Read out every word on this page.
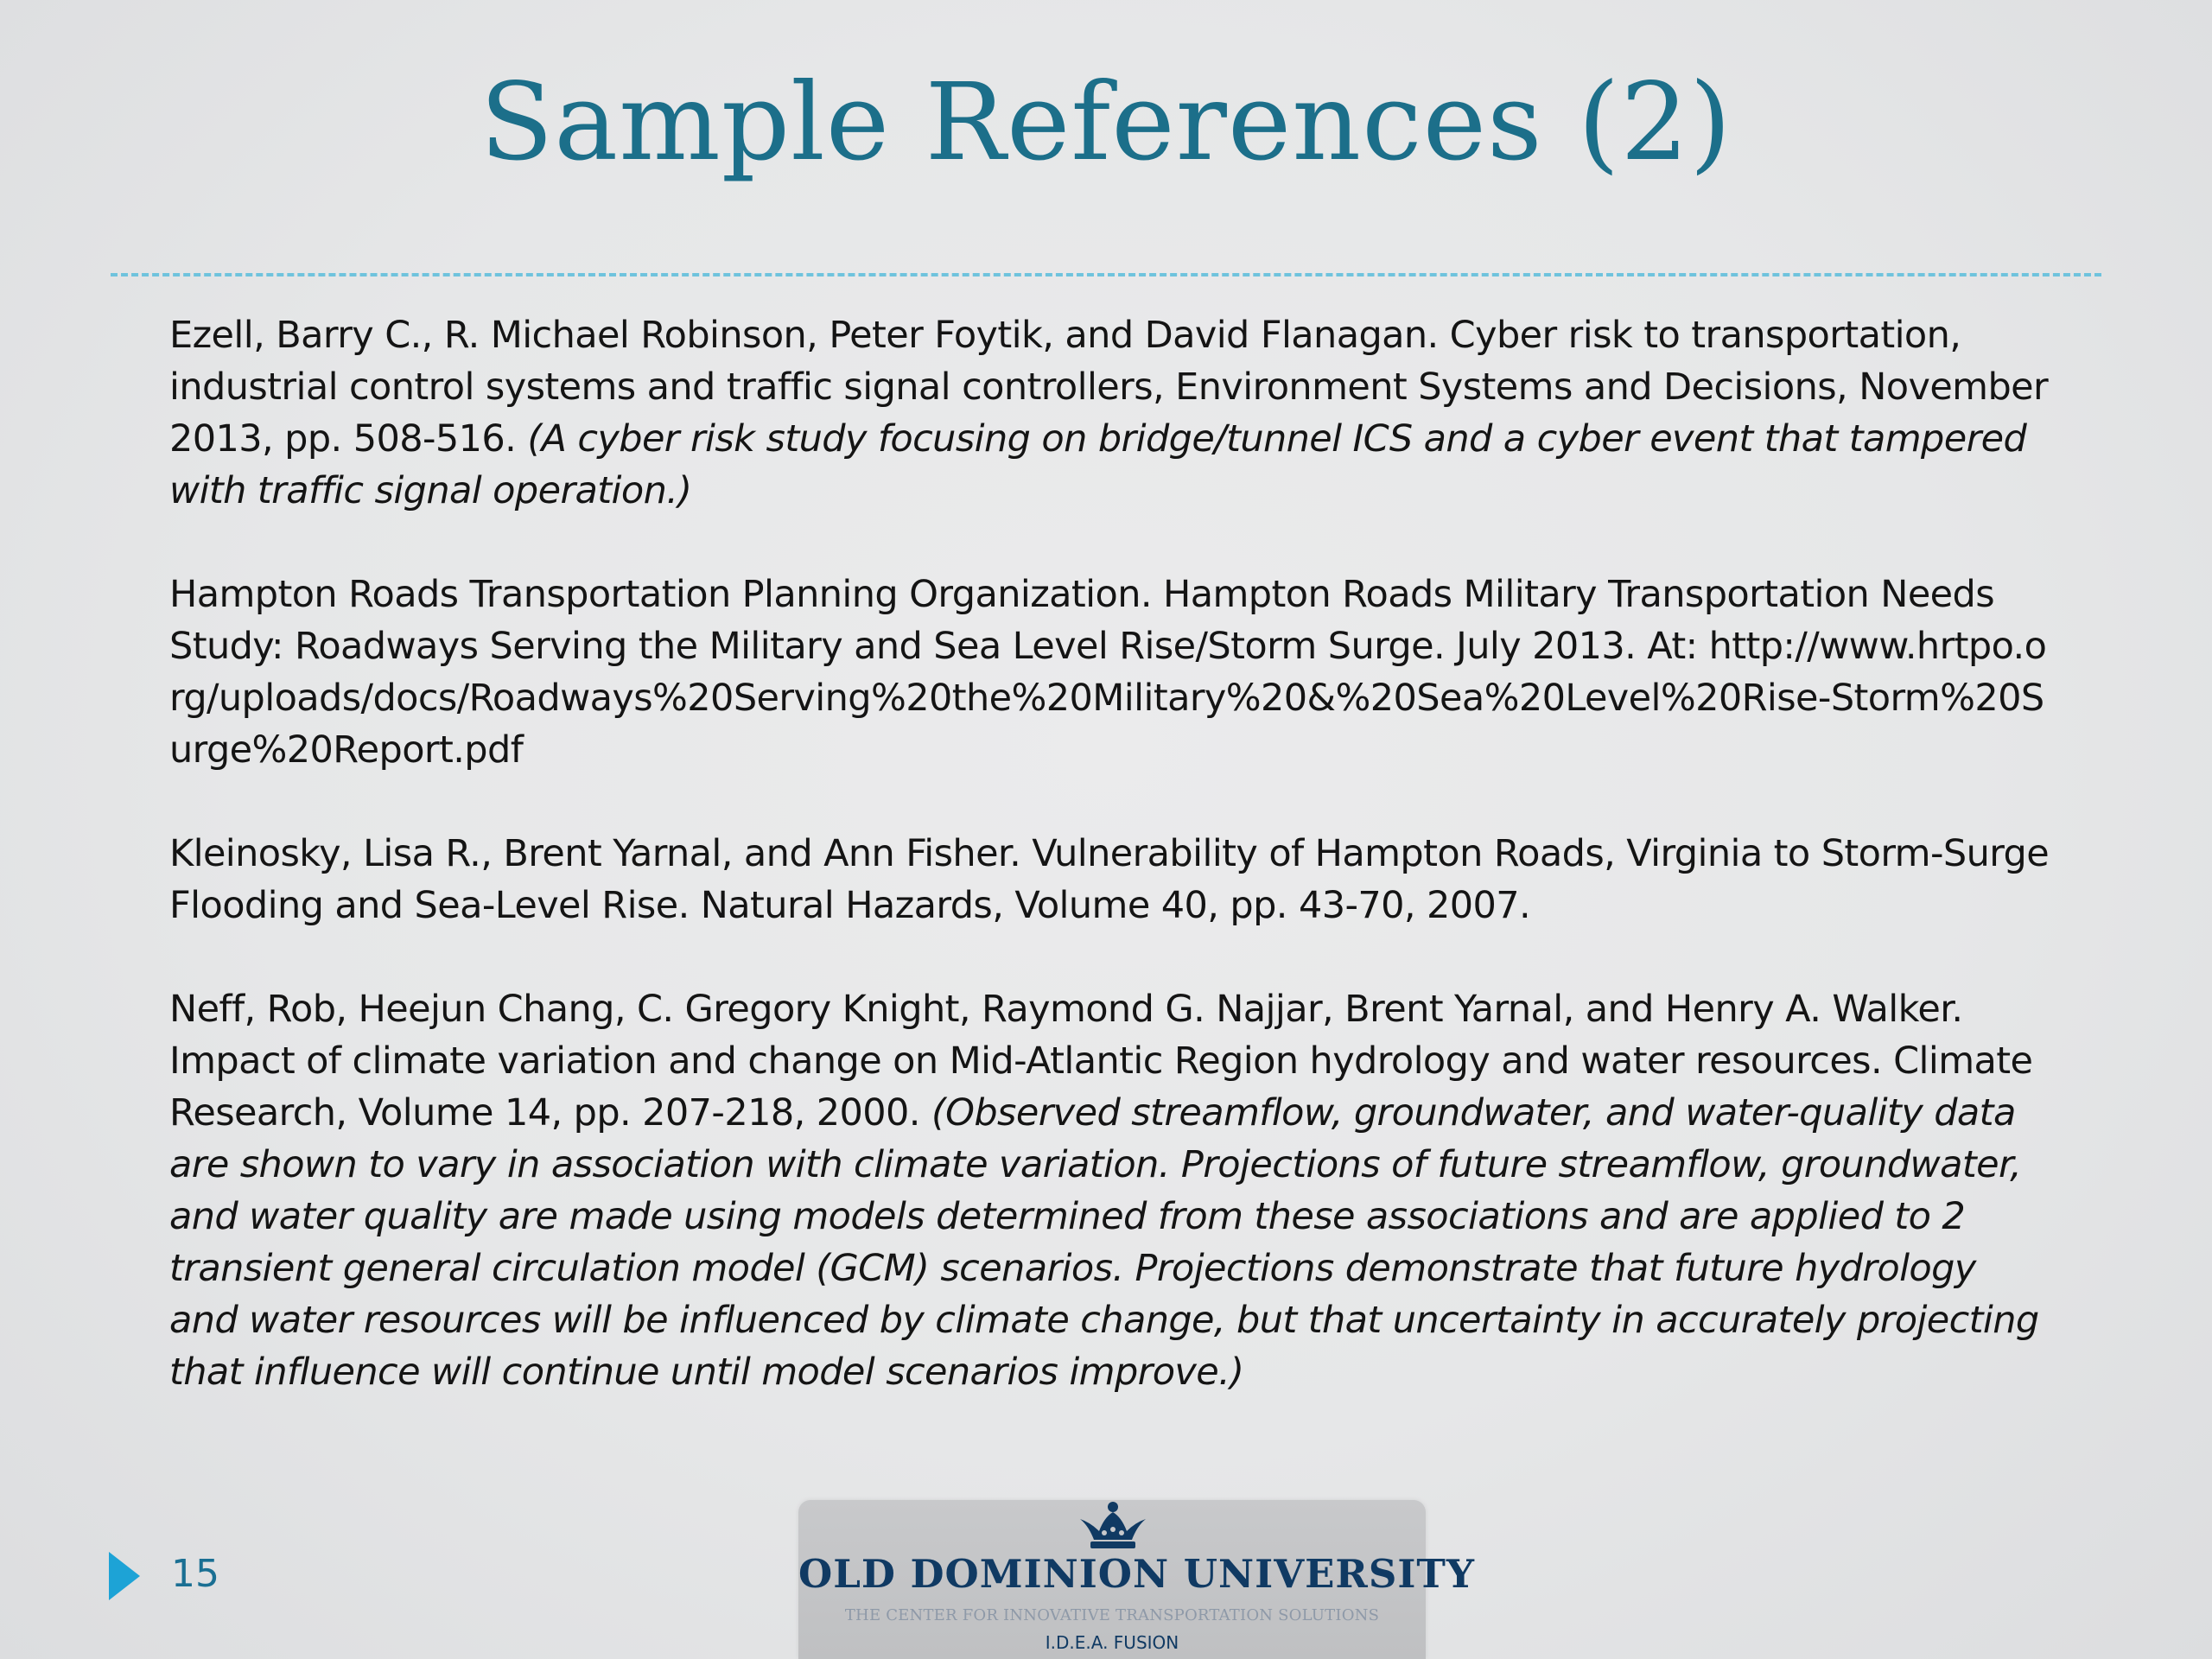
Sample References (2)

Ezell, Barry C., R. Michael Robinson, Peter Foytik, and David Flanagan. Cyber risk to transportation, industrial control systems and traffic signal controllers, Environment Systems and Decisions, November 2013, pp. 508-516. (A cyber risk study focusing on bridge/tunnel ICS and a cyber event that tampered with traffic signal operation.)

Hampton Roads Transportation Planning Organization. Hampton Roads Military Transportation Needs Study: Roadways Serving the Military and Sea Level Rise/Storm Surge. July 2013. At: http://www.hrtpo.org/uploads/docs/Roadways%20Serving%20the%20Military%20&%20Sea%20Level%20Rise-Storm%20Surge%20Report.pdf

Kleinosky, Lisa R., Brent Yarnal, and Ann Fisher. Vulnerability of Hampton Roads, Virginia to Storm-Surge Flooding and Sea-Level Rise. Natural Hazards, Volume 40, pp. 43-70, 2007.

Neff, Rob, Heejun Chang, C. Gregory Knight, Raymond G. Najjar, Brent Yarnal, and Henry A. Walker. Impact of climate variation and change on Mid-Atlantic Region hydrology and water resources. Climate Research, Volume 14, pp. 207-218, 2000. (Observed streamflow, groundwater, and water-quality data are shown to vary in association with climate variation. Projections of future streamflow, groundwater, and water quality are made using models determined from these associations and are applied to 2 transient general circulation model (GCM) scenarios. Projections demonstrate that future hydrology and water resources will be influenced by climate change, but that uncertainty in accurately projecting that influence will continue until model scenarios improve.)

15	OLD DOMINION UNIVERSITY
THE CENTER FOR INNOVATIVE TRANSPORTATION SOLUTIONS
I.D.E.A. FUSION
